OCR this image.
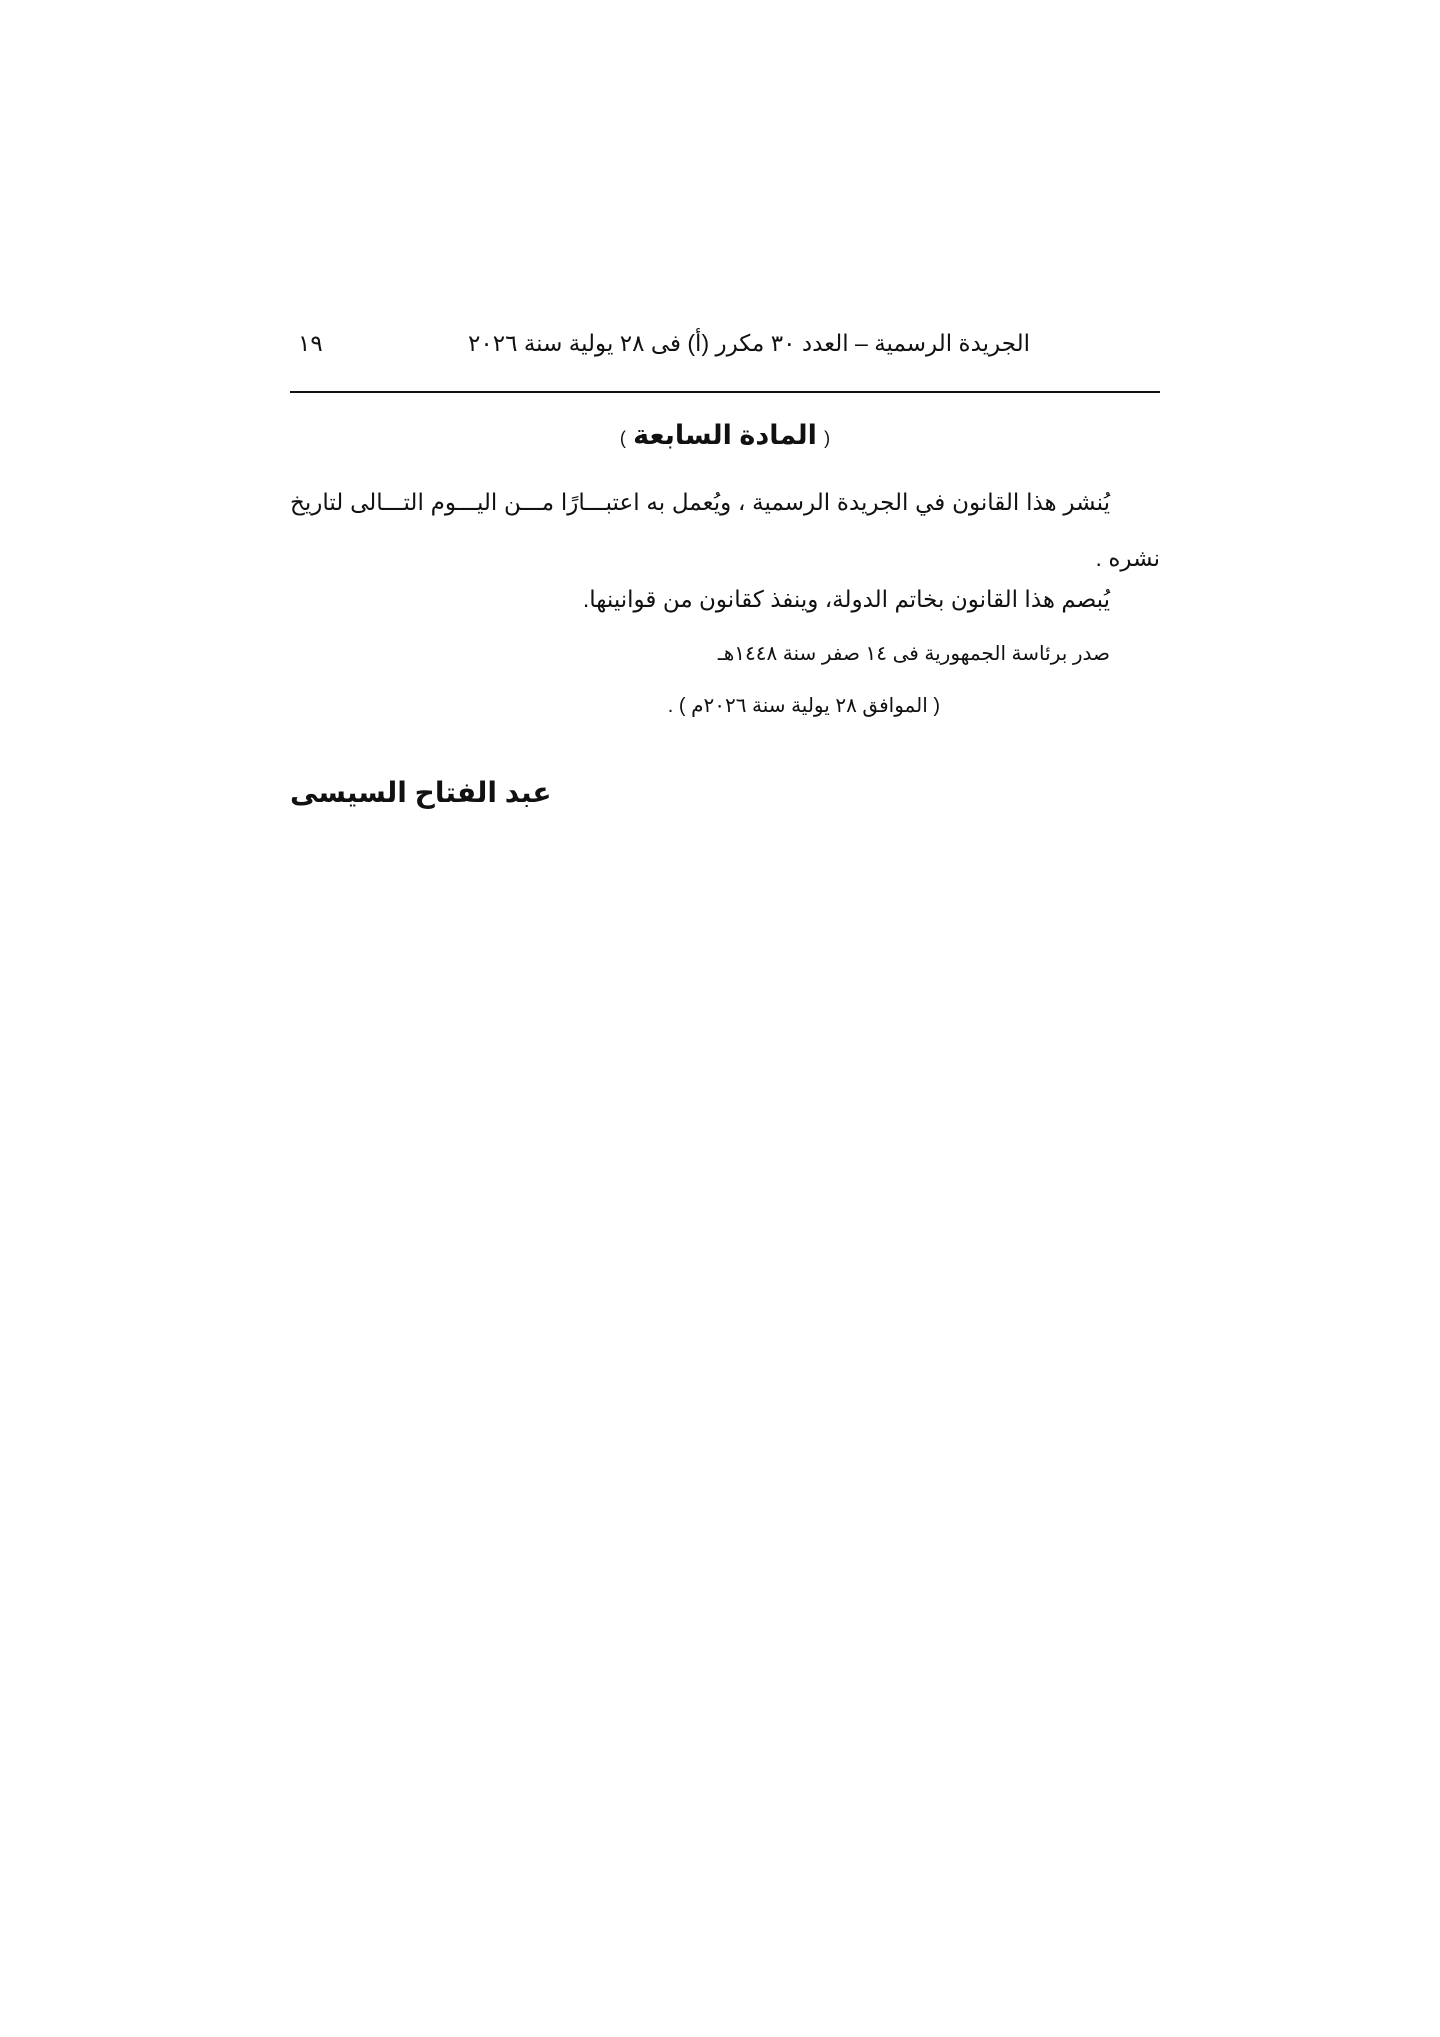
الجريدة الرسمية – العدد ٣٠ مكرر (أ) فى ٢٨ يولية سنة ٢٠٢٦
١٩
( المادة السابعة )
يُنشر هذا القانون في الجريدة الرسمية ، ويُعمل به اعتبـــارًا مـــن اليـــوم التـــالى لتاريخ نشره .
يُبصم هذا القانون بخاتم الدولة، وينفذ كقانون من قوانينها.
صدر برئاسة الجمهورية فى ١٤ صفر سنة ١٤٤٨هـ
( الموافق ٢٨ يولية سنة ٢٠٢٦م ) .
عبد الفتاح السيسى
